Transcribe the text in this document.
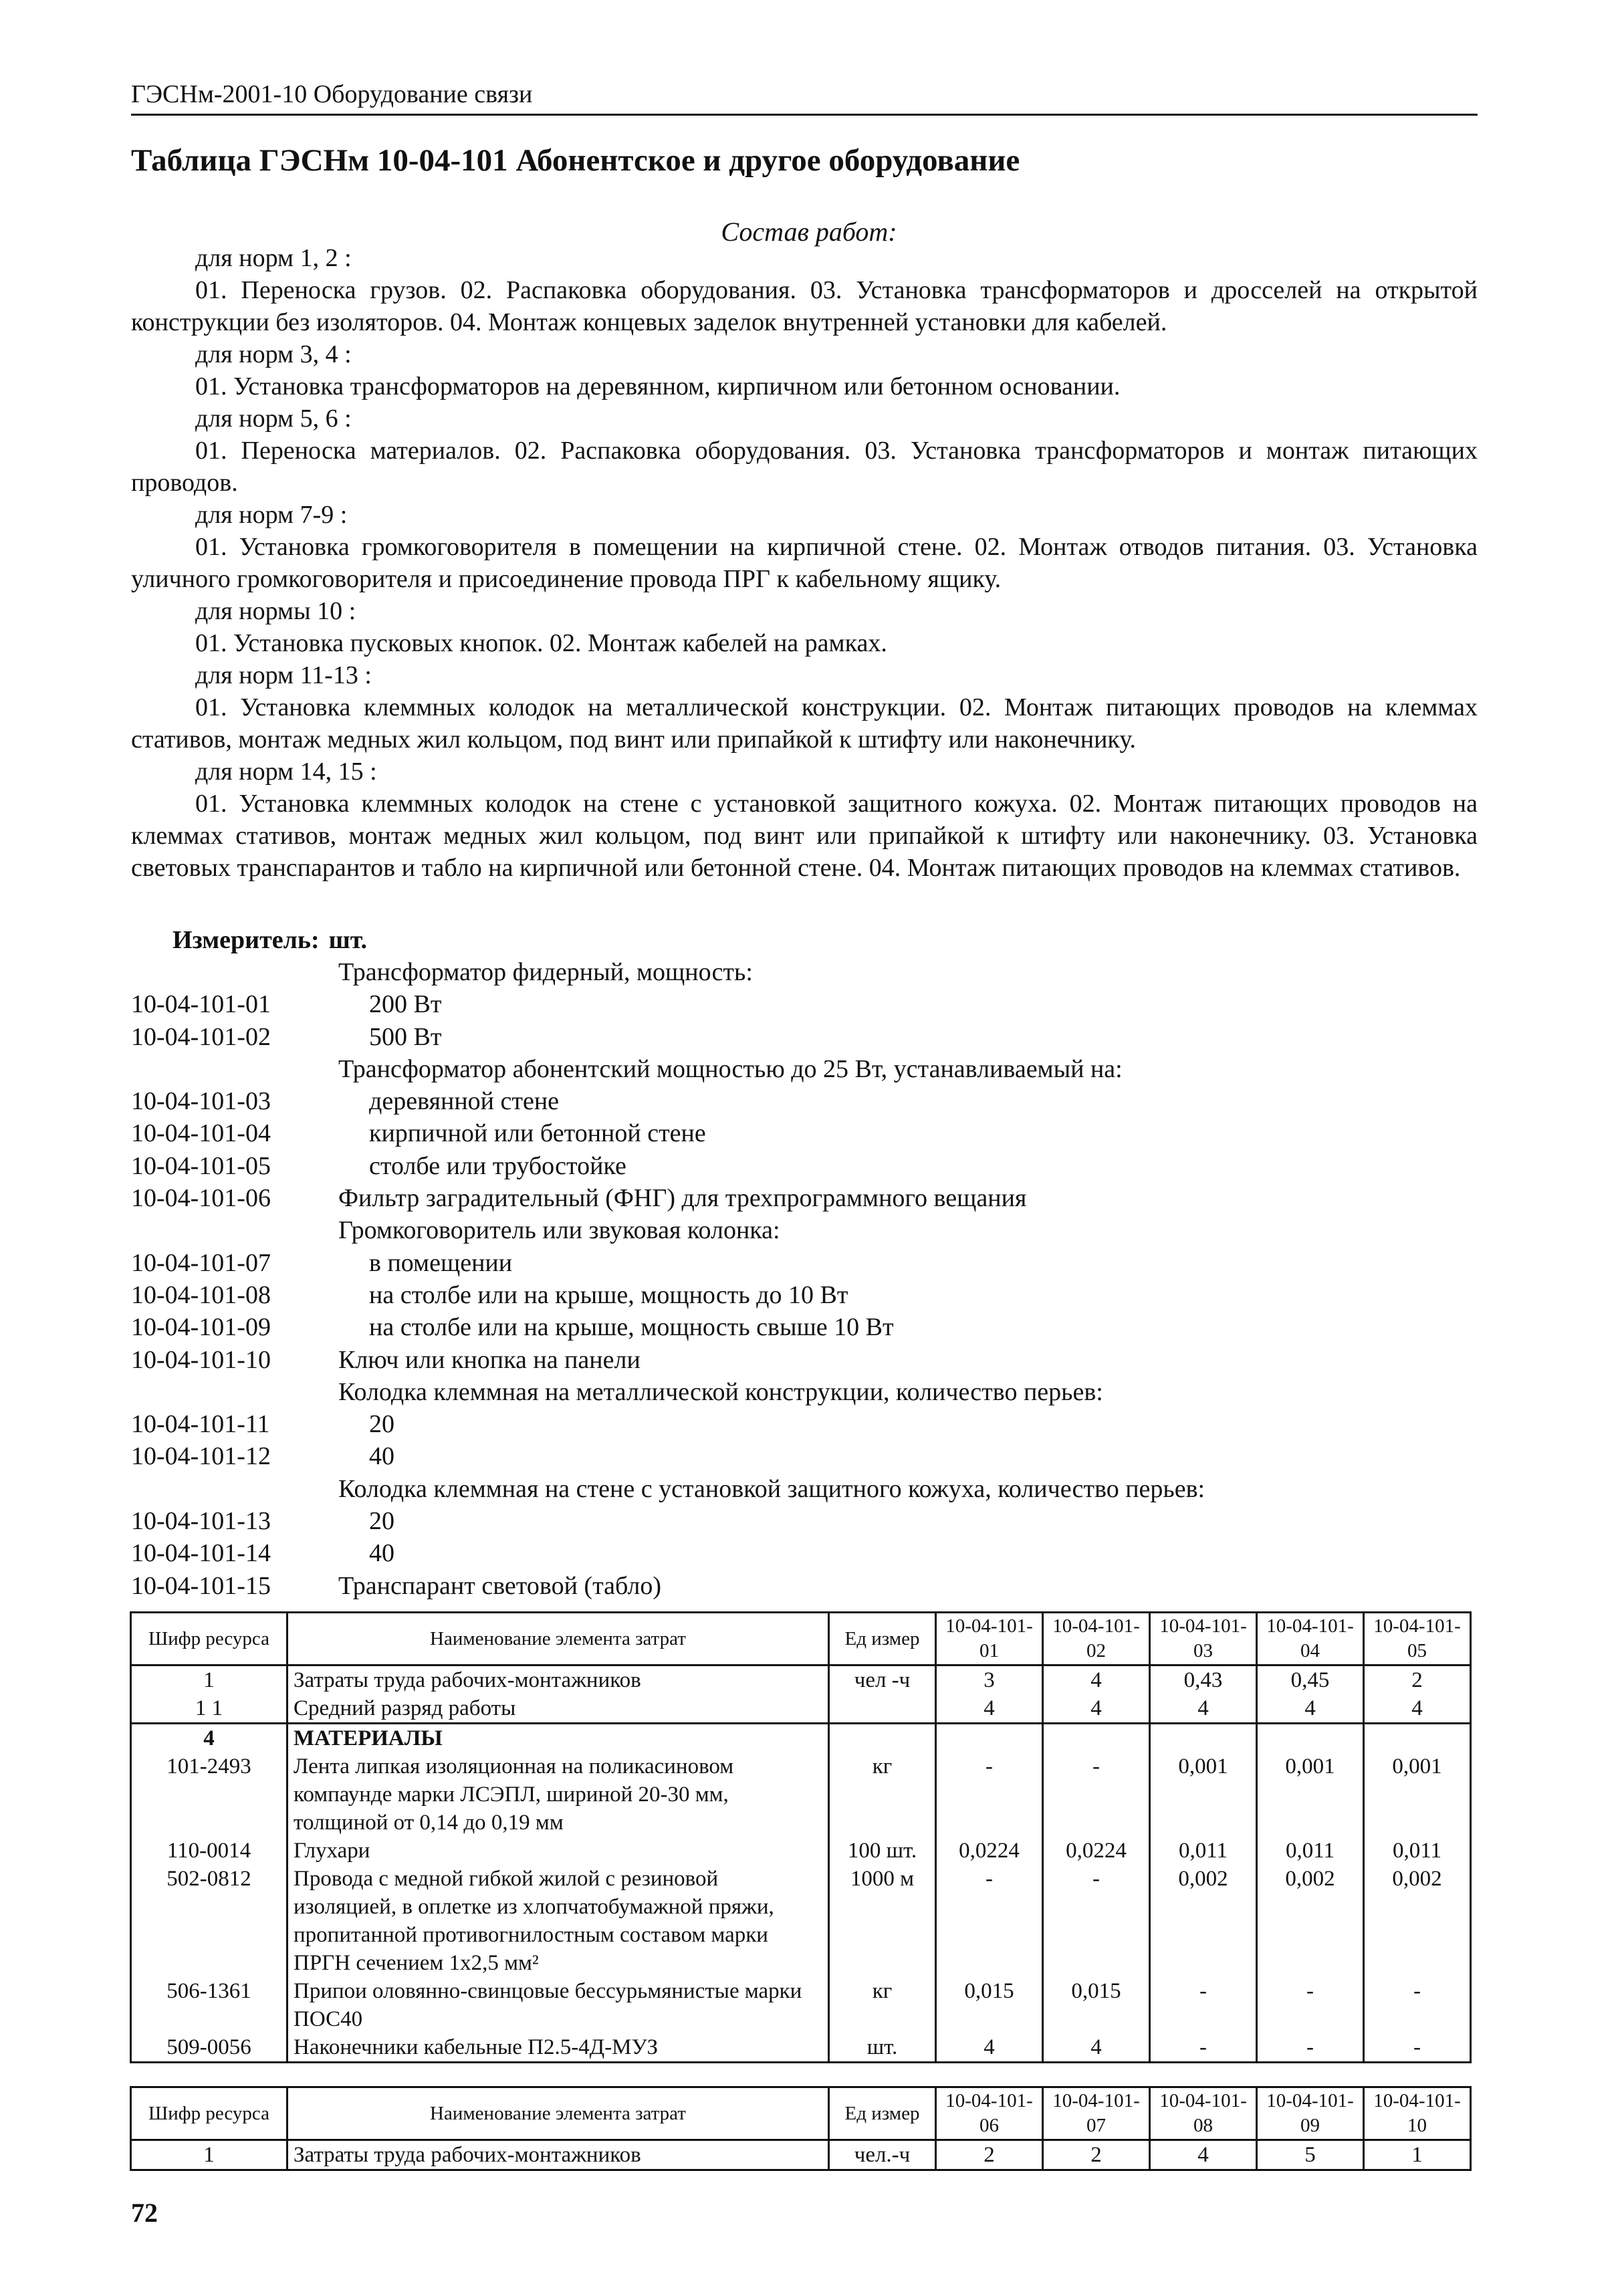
ГЭСНм-2001-10 Оборудование связи
Таблица ГЭСНм 10-04-101 Абонентское и другое оборудование
Состав работ:

для норм 1, 2 :

01. Переноска грузов. 02. Распаковка оборудования. 03. Установка трансформаторов и дросселей на открытой конструкции без изоляторов. 04. Монтаж концевых заделок внутренней установки для кабелей.

для норм 3, 4 :

01. Установка трансформаторов на деревянном, кирпичном или бетонном основании.

для норм 5, 6 :

01. Переноска материалов. 02. Распаковка оборудования. 03. Установка трансформаторов и монтаж питающих проводов.

для норм 7-9 :

01. Установка громкоговорителя в помещении на кирпичной стене. 02. Монтаж отводов питания. 03. Установка уличного громкоговорителя и присоединение провода ПРГ к кабельному ящику.

для нормы 10 :

01. Установка пусковых кнопок. 02. Монтаж кабелей на рамках.

для норм 11-13 :

01. Установка клеммных колодок на металлической конструкции. 02. Монтаж питающих проводов на клеммах стативов, монтаж медных жил кольцом, под винт или припайкой к штифту или наконечнику.

для норм 14, 15 :

01. Установка клеммных колодок на стене с установкой защитного кожуха. 02. Монтаж питающих проводов на клеммах стативов, монтаж медных жил кольцом, под винт или припайкой к штифту или наконечнику. 03. Установка световых транспарантов и табло на кирпичной или бетонной стене. 04. Монтаж питающих проводов на клеммах стативов.

Измеритель: шт.
Трансформатор фидерный, мощность:
10-04-101-01	200 Вт
10-04-101-02	500 Вт
Трансформатор абонентский мощностью до 25 Вт, устанавливаемый на:
10-04-101-03	деревянной стене
10-04-101-04	кирпичной или бетонной стене
10-04-101-05	столбе или трубостойке
10-04-101-06	Фильтр заградительный (ФНГ) для трехпрограммного вещания
Громкоговоритель или звуковая колонка:
10-04-101-07	в помещении
10-04-101-08	на столбе или на крыше, мощность до 10 Вт
10-04-101-09	на столбе или на крыше, мощность свыше 10 Вт
10-04-101-10	Ключ или кнопка на панели
Колодка клеммная на металлической конструкции, количество перьев:
10-04-101-11	20
10-04-101-12	40
Колодка клеммная на стене с установкой защитного кожуха, количество перьев:
10-04-101-13	20
10-04-101-14	40
10-04-101-15	Транспарант световой (табло)
Шифр ресурса	Наименование элемента затрат	Ед измер	10-04-101-01	10-04-101-02	10-04-101-03	10-04-101-04	10-04-101-05
1	Затраты труда рабочих-монтажников	чел -ч	3	4	0,43	0,45	2
1 1	Средний разряд работы		4	4	4	4	4
4	МАТЕРИАЛЫ						
101-2493	Лента липкая изоляционная на поликасиновом компаунде марки ЛСЭПЛ, шириной 20-30 мм, толщиной от 0,14 до 0,19 мм	кг	-	-	0,001	0,001	0,001
110-0014	Глухари	100 шт.	0,0224	0,0224	0,011	0,011	0,011
502-0812	Провода с медной гибкой жилой с резиновой изоляцией, в оплетке из хлопчатобумажной пряжи, пропитанной противогнилостным составом марки ПРГН сечением 1х2,5 мм²	1000 м	-	-	0,002	0,002	0,002
506-1361	Припои оловянно-свинцовые бессурьмянистые марки ПОС40	кг	0,015	0,015	-	-	-
509-0056	Наконечники кабельные П2.5-4Д-МУЗ	шт.	4	4	-	-	-
Шифр ресурса	Наименование элемента затрат	Ед измер	10-04-101-06	10-04-101-07	10-04-101-08	10-04-101-09	10-04-101-10
1	Затраты труда рабочих-монтажников	чел.-ч	2	2	4	5	1
72
